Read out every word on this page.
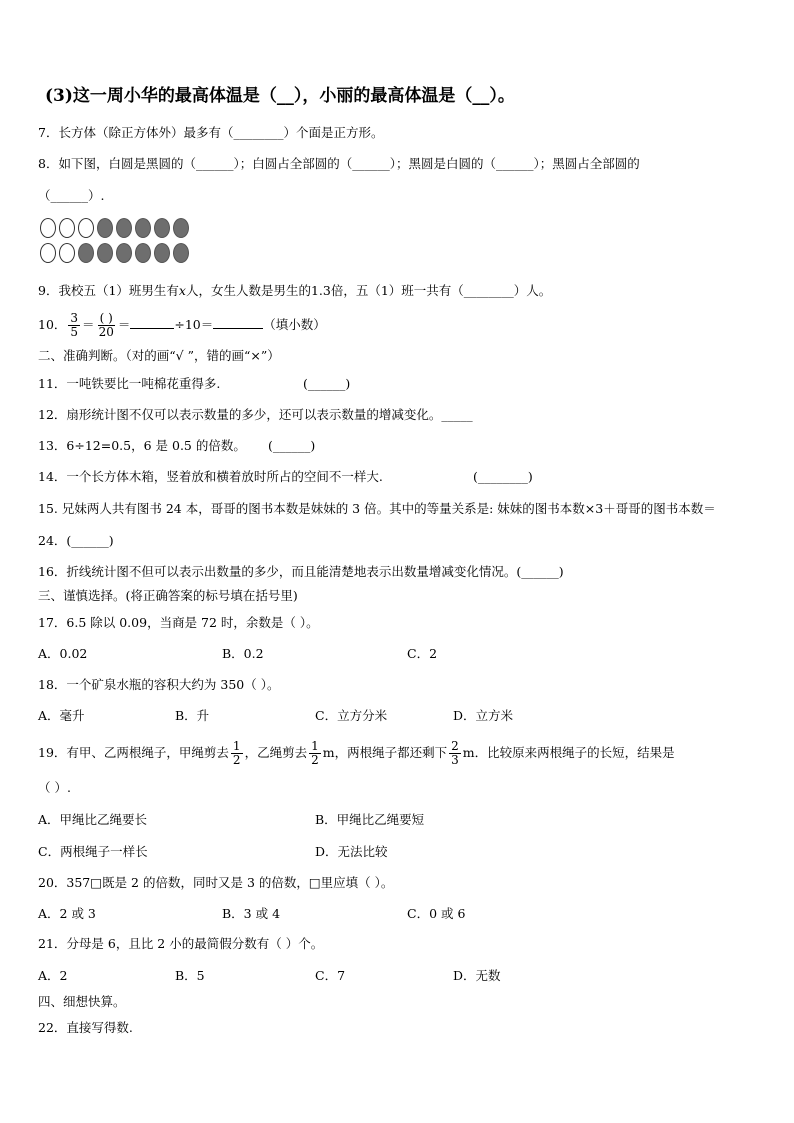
(3)这一周小华的最高体温是（__），小丽的最高体温是（__）。
7．长方体（除正方体外）最多有（________）个面是正方形。
8．如下图，白圆是黑圆的（______）；白圆占全部圆的（______）；黑圆是白圆的（______）；黑圆占全部圆的
（______）.
9．我校五（1）班男生有x人，女生人数是男生的1.3倍，五（1）班一共有（________）人。
10． $\frac{3}{5} = \frac{( )}{20}$ ＝	÷10＝	（填小数）
二、准确判断。（对的画“√ ”，错的画“×”）
11．一吨铁要比一吨棉花重得多.	(______)
12．扇形统计图不仅可以表示数量的多少，还可以表示数量的增减变化。_____
13．6÷12=0.5，6 是 0.5 的倍数。 (______)
14．一个长方体木箱，竖着放和横着放时所占的空间不一样大.	(________)
15. 兄妹两人共有图书 24 本，哥哥的图书本数是妹妹的 3 倍。其中的等量关系是: 妹妹的图书本数×3＋哥哥的图书本数＝
24．(______)
16．折线统计图不但可以表示出数量的多少，而且能清楚地表示出数量增减变化情况。(______)
三、谨慎选择。(将正确答案的标号填在括号里)
17．6.5 除以 0.09，当商是 72 时，余数是（ ）。
A．0.02	B．0.2	C．2
18．一个矿泉水瓶的容积大约为 350（ ）。
A．毫升	B．升	C．立方分米	D．立方米
19．有甲、乙两根绳子，甲绳剪去 $\frac{1}{2}$ ，乙绳剪去 $\frac{1}{2}$ m，两根绳子都还剩下 $\frac{2}{3}$ m．比较原来两根绳子的长短，结果是
（ ）.
A．甲绳比乙绳要长	B．甲绳比乙绳要短
C．两根绳子一样长	D．无法比较
20．357□既是 2 的倍数，同时又是 3 的倍数，□里应填（ ）。
A．2 或 3	B．3 或 4	C．0 或 6
21．分母是 6，且比 2 小的最简假分数有（ ）个。
A．2	B．5	C．7	D．无数
四、细想快算。
22．直接写得数.
